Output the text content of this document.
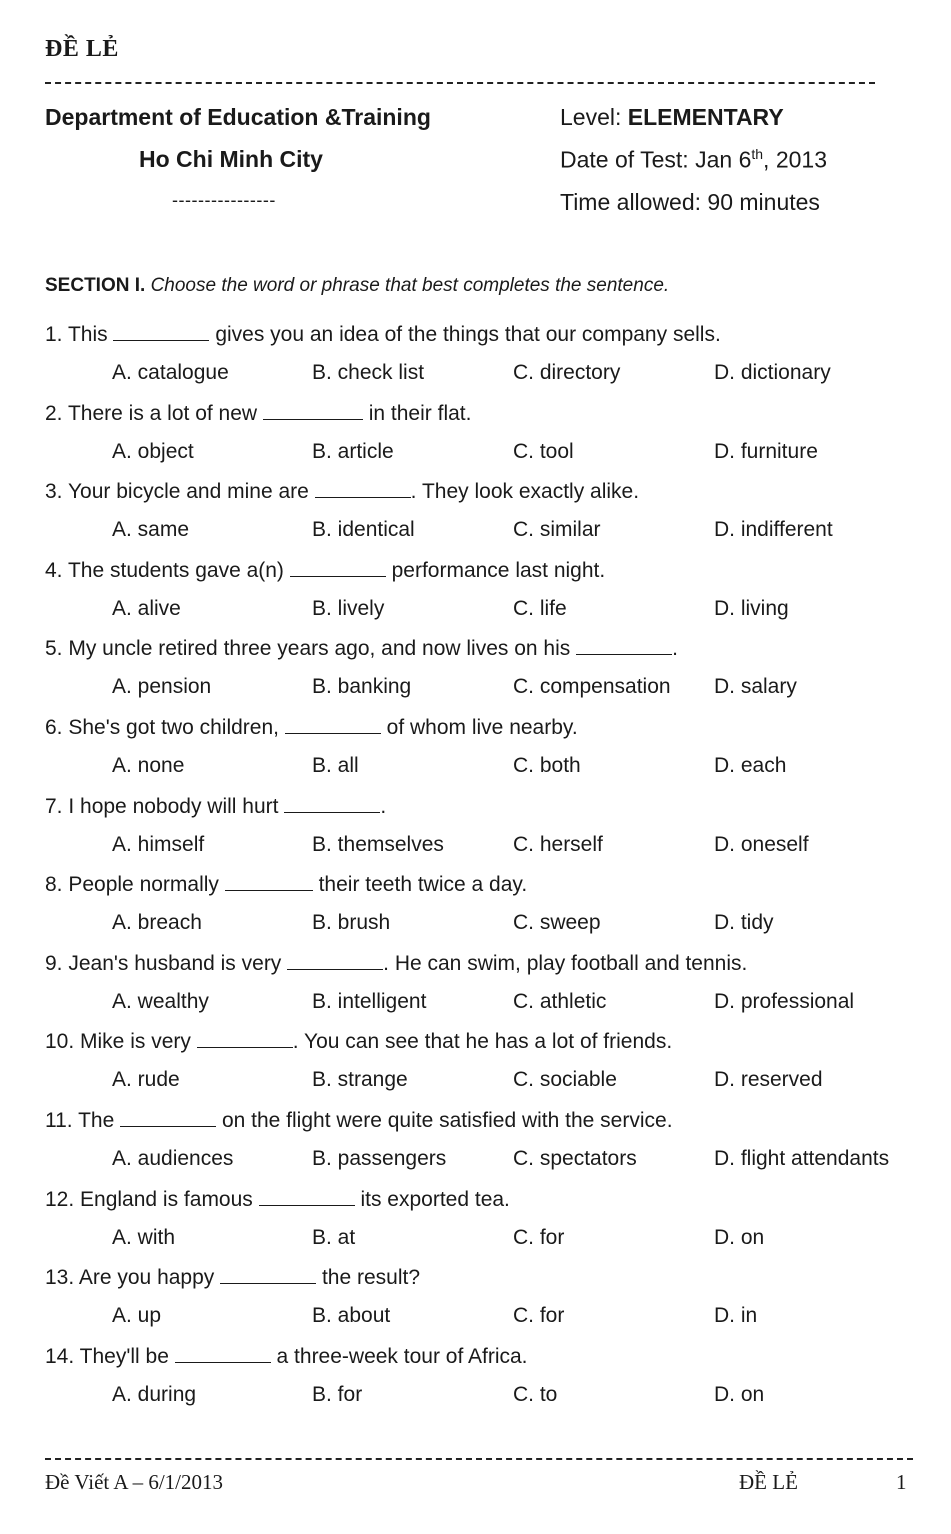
ĐỀ LẺ
Department of Education &Training
Ho Chi Minh City
----------------
Level: ELEMENTARY
Date of Test: Jan 6th, 2013
Time allowed: 90 minutes
SECTION I. Choose the word or phrase that best completes the sentence.
1. This	gives you an idea of the things that our company sells.
A. catalogue	B. check list	C. directory	D. dictionary
2. There is a lot of new	in their flat.
A. object	B. article	C. tool	D. furniture
3. Your bicycle and mine are	. They look exactly alike.
A. same	B. identical	C. similar	D. indifferent
4. The students gave a(n)	performance last night.
A. alive	B. lively	C. life	D. living
5. My uncle retired three years ago, and now lives on his	.
A. pension	B. banking	C. compensation D. salary
6. She's got two children,	of whom live nearby.
A. none	B. all	C. both	D. each
7. I hope nobody will hurt	.
A. himself	B. themselves	C. herself	D. oneself
8. People normally	their teeth twice a day.
A. breach	B. brush	C. sweep	D. tidy
9. Jean's husband is very	. He can swim, play football and tennis.
A. wealthy	B. intelligent	C. athletic	D. professional
10. Mike is very	. You can see that he has a lot of friends.
A. rude	B. strange	C. sociable	D. reserved
11. The	on the flight were quite satisfied with the service.
A. audiences	B. passengers	C. spectators	D. flight attendants
12. England is famous	its exported tea.
A. with	B. at	C. for	D. on
13. Are you happy	the result?
A. up	B. about	C. for	D. in
14. They'll be	a three-week tour of Africa.
A. during	B. for	C. to	D. on
Đề Viết A – 6/1/2013	ĐỀ LẺ	1
